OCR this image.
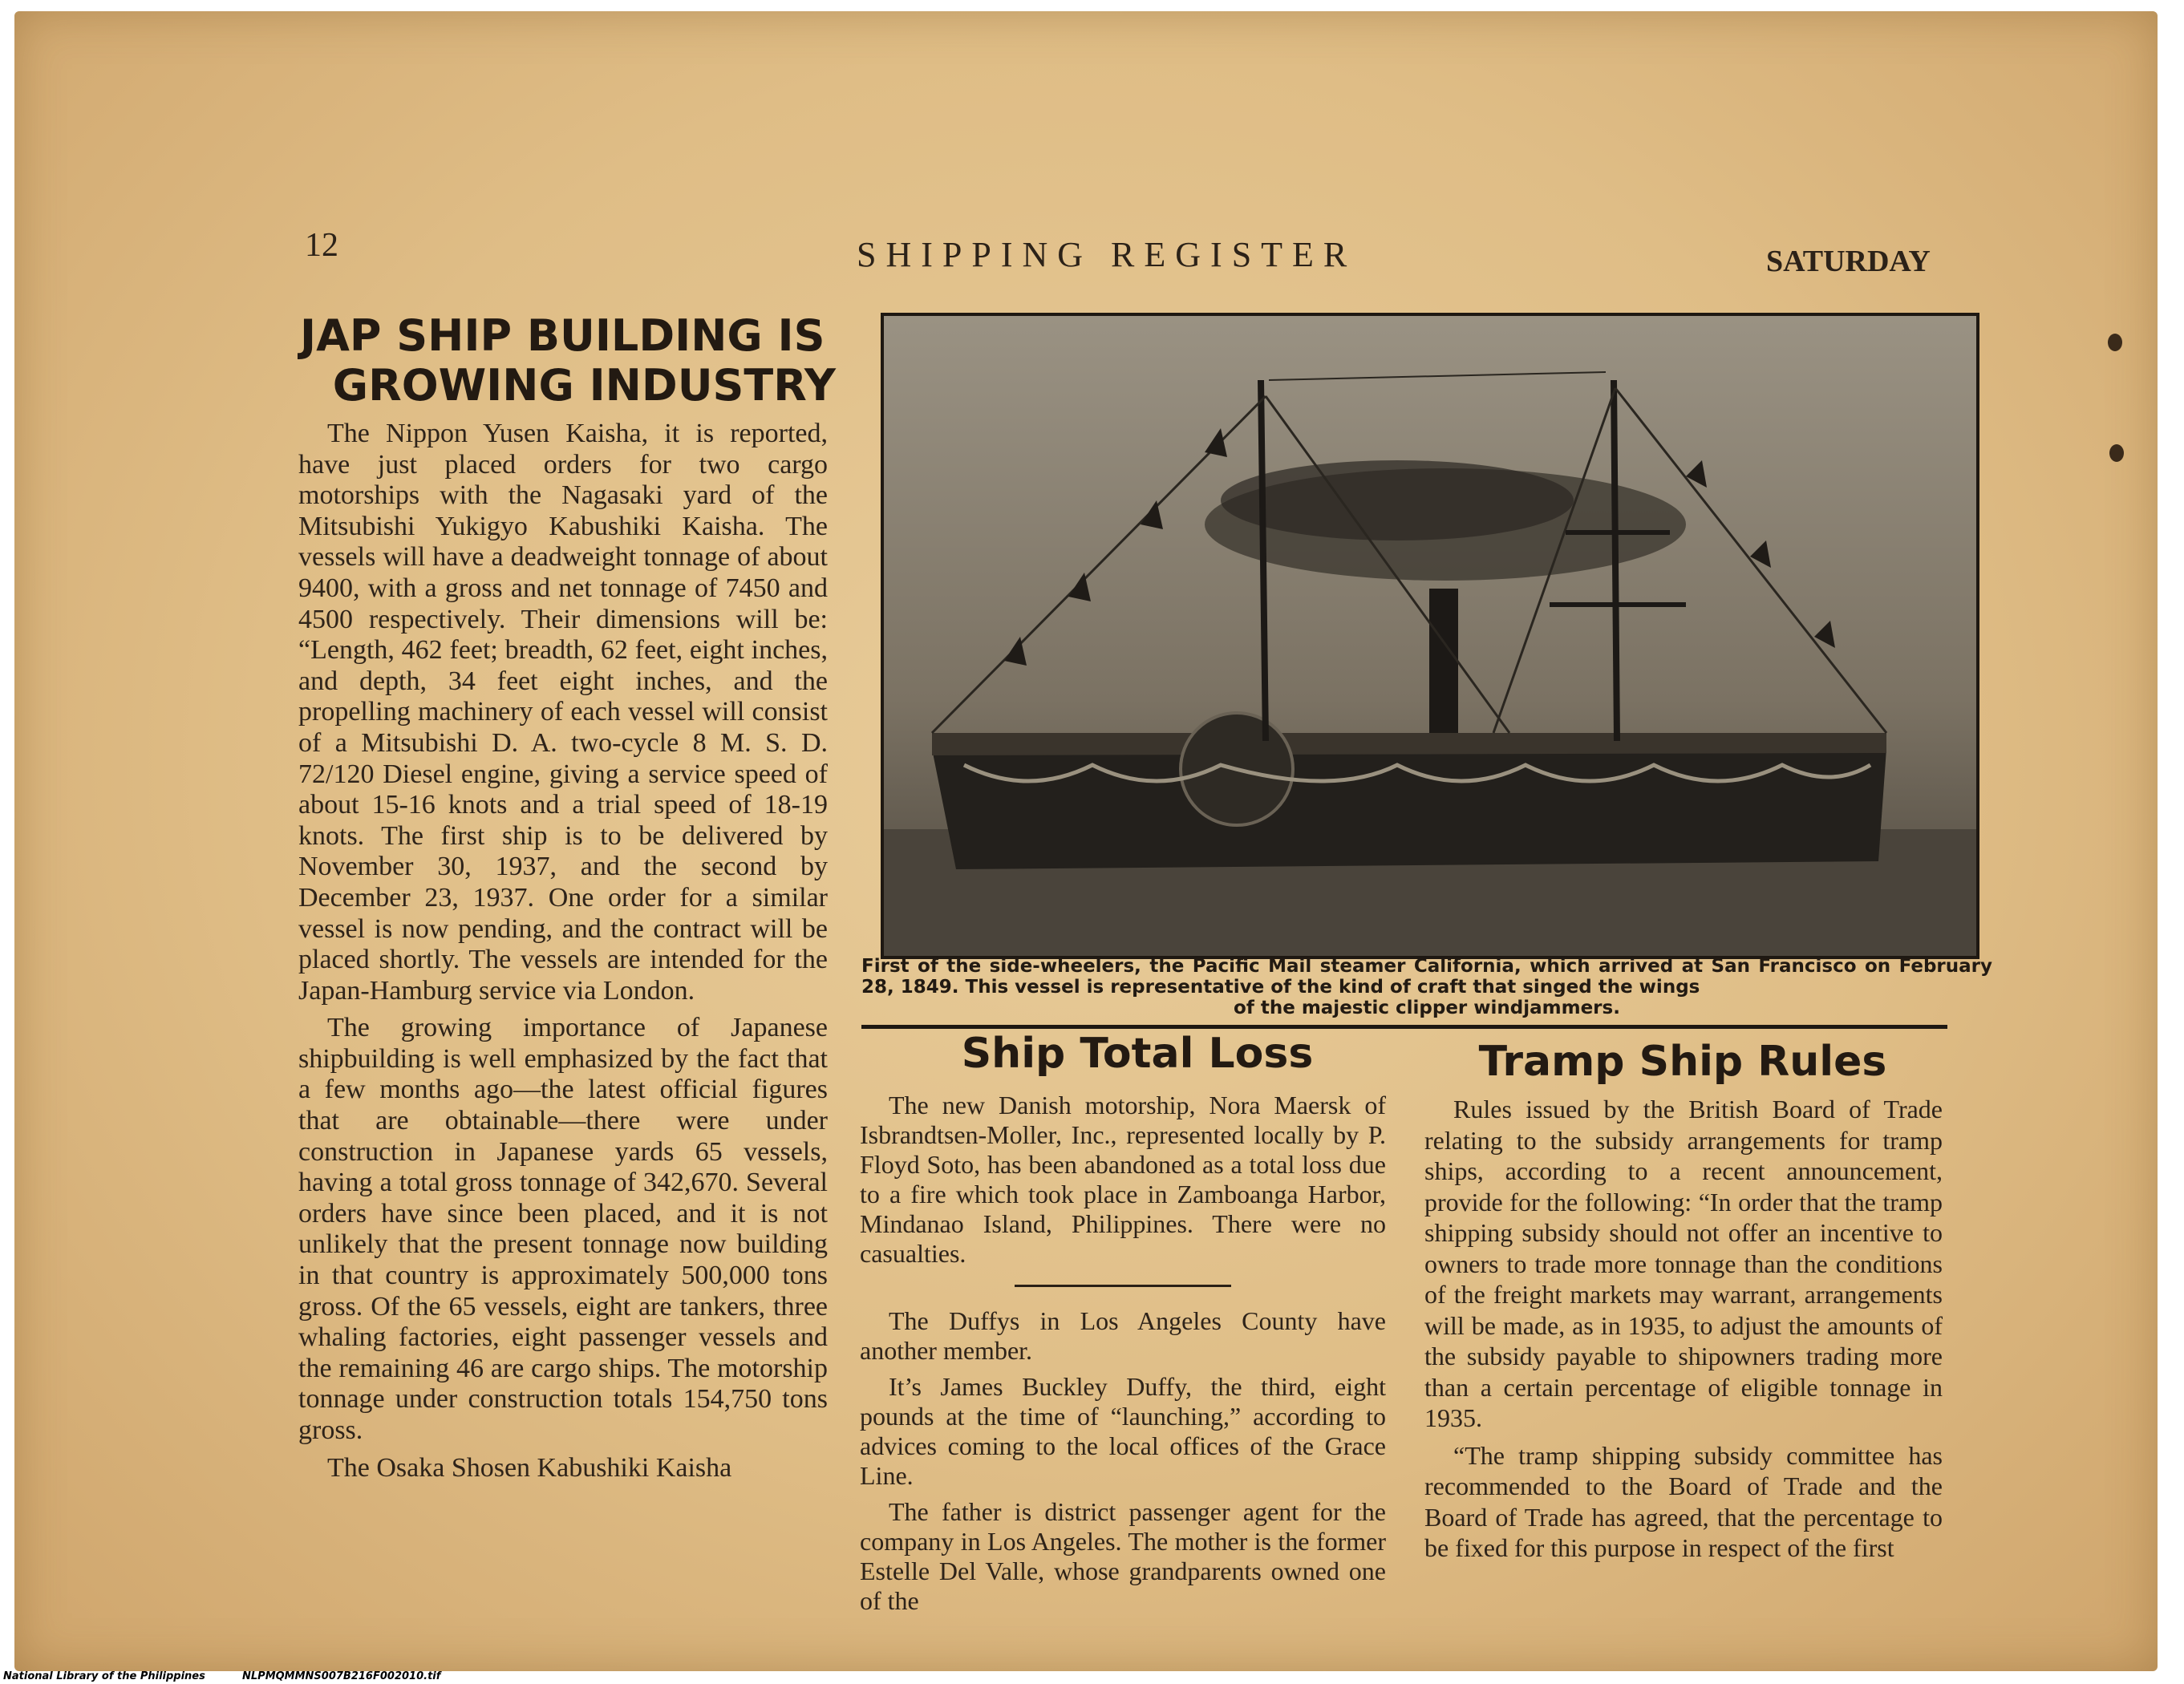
12	SHIPPING REGISTER	SATURDAY
JAP SHIP BUILDING IS
GROWING INDUSTRY

The Nippon Yusen Kaisha, it is reported, have just placed orders for two cargo motorships with the Nagasaki yard of the Mitsubishi Yukigyo Kabushiki Kaisha. The vessels will have a deadweight tonnage of about 9400, with a gross and net tonnage of 7450 and 4500 respectively. Their dimensions will be: “Length, 462 feet; breadth, 62 feet, eight inches, and depth, 34 feet eight inches, and the propelling machinery of each vessel will consist of a Mitsubishi D. A. two-cycle 8 M. S. D. 72/120 Diesel engine, giving a service speed of about 15-16 knots and a trial speed of 18-19 knots. The first ship is to be delivered by November 30, 1937, and the second by December 23, 1937. One order for a similar vessel is now pending, and the contract will be placed shortly. The vessels are intended for the Japan-Hamburg service via London.

The growing importance of Japanese shipbuilding is well emphasized by the fact that a few months ago—the latest official figures that are obtainable—there were under construction in Japanese yards 65 vessels, having a total gross tonnage of 342,670. Several orders have since been placed, and it is not unlikely that the present tonnage now building in that country is approximately 500,000 tons gross. Of the 65 vessels, eight are tankers, three whaling factories, eight passenger vessels and the remaining 46 are cargo ships. The motorship tonnage under construction totals 154,750 tons gross.

The Osaka Shosen Kabushiki Kaisha

First of the side-wheelers, the Pacific Mail steamer California, which arrived at San Francisco on February 28, 1849. This vessel is representative of the kind of craft that singed the wings
of the majestic clipper windjammers.
Ship Total Loss	Tramp Ship Rules

The new Danish motorship, Nora Maersk of Isbrandtsen-Moller, Inc., represented locally by P. Floyd Soto, has been abandoned as a total loss due to a fire which took place in Zamboanga Harbor, Mindanao Island, Philippines. There were no casualties.

The Duffys in Los Angeles County have another member.

It’s James Buckley Duffy, the third, eight pounds at the time of “launching,” according to advices coming to the local offices of the Grace Line.

The father is district passenger agent for the company in Los Angeles. The mother is the former Estelle Del Valle, whose grandparents owned one of the

Rules issued by the British Board of Trade relating to the subsidy arrangements for tramp ships, according to a recent announcement, provide for the following: “In order that the tramp shipping subsidy should not offer an incentive to owners to trade more tonnage than the conditions of the freight markets may warrant, arrangements will be made, as in 1935, to adjust the amounts of the subsidy payable to shipowners trading more than a certain percentage of eligible tonnage in 1935.

“The tramp shipping subsidy committee has recommended to the Board of Trade and the Board of Trade has agreed, that the percentage to be fixed for this purpose in respect of the first

National Library of the Philippines	NLPMQMMNS007B216F002010.tif
